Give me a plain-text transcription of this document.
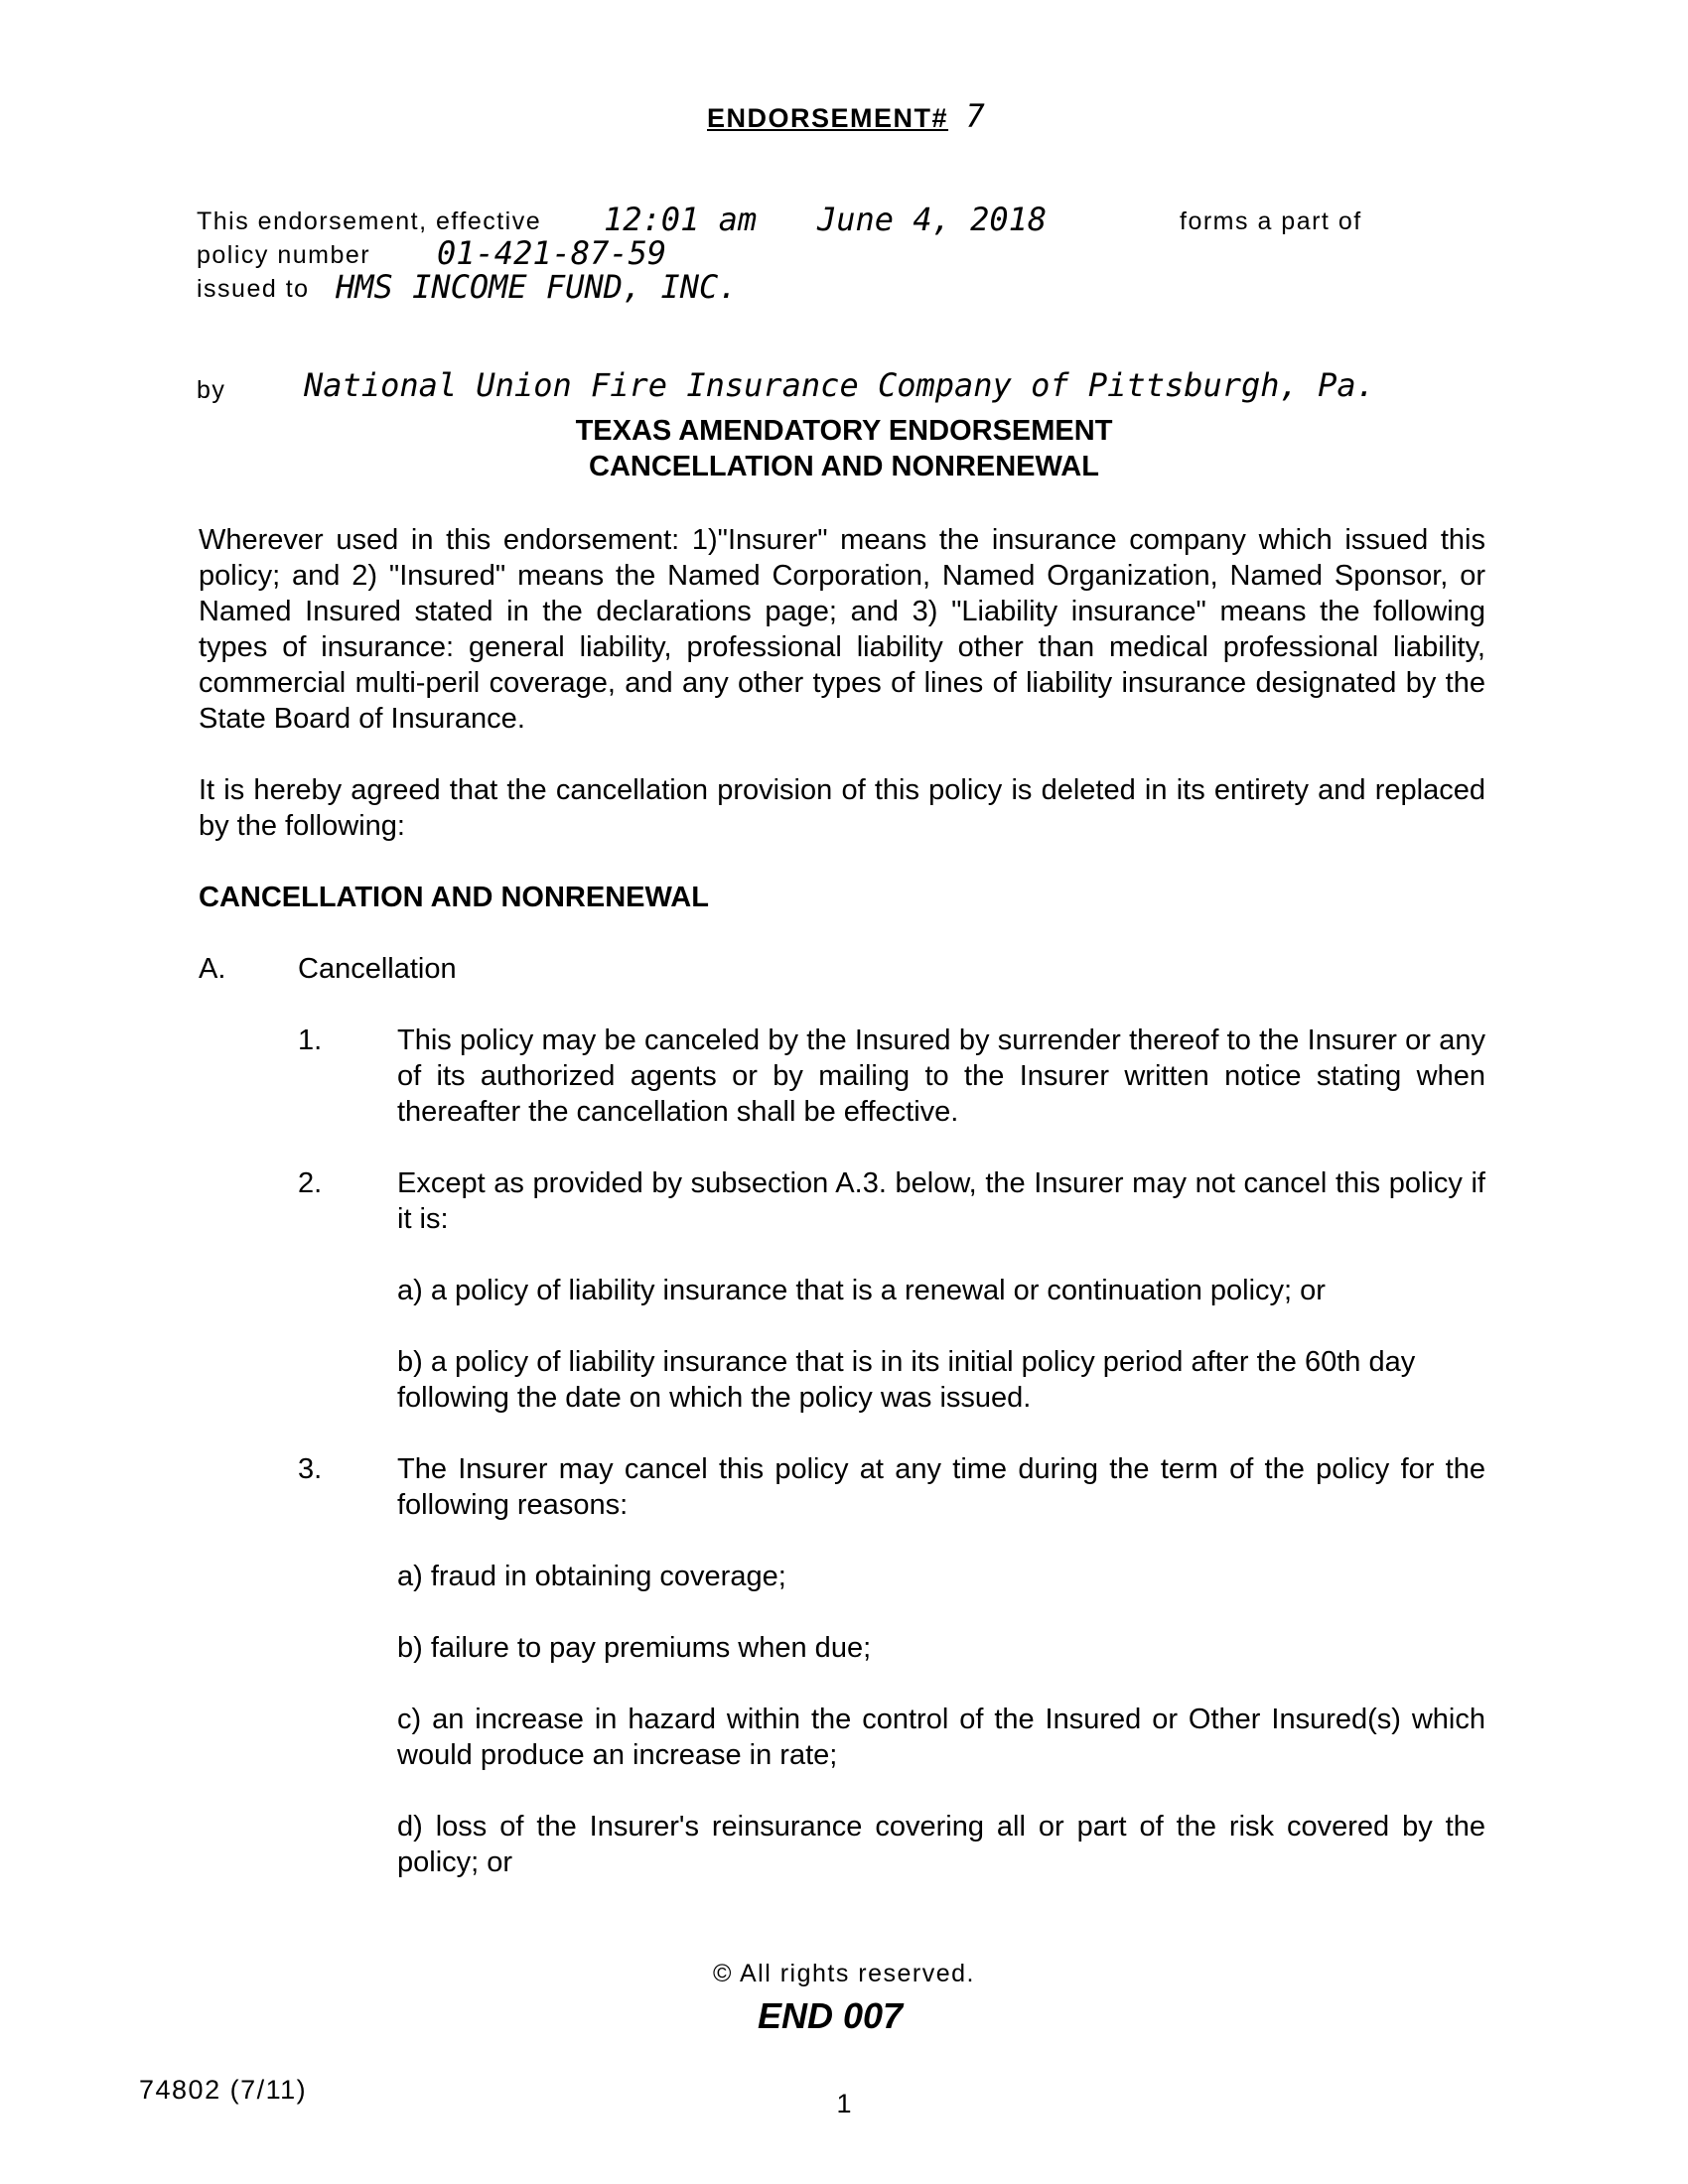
ENDORSEMENT# 7
This endorsement, effective 12:01 am June 4, 2018	forms a part of
policy number 01-421-87-59
issued to HMS INCOME FUND, INC.
by National Union Fire Insurance Company of Pittsburgh, Pa.
TEXAS AMENDATORY ENDORSEMENT
CANCELLATION AND NONRENEWAL
Wherever used in this endorsement: 1)"Insurer" means the insurance company which issued this policy; and 2) "Insured" means the Named Corporation, Named Organization, Named Sponsor, or Named Insured stated in the declarations page; and 3) "Liability insurance" means the following types of insurance: general liability, professional liability other than medical professional liability, commercial multi-peril coverage, and any other types of lines of liability insurance designated by the State Board of Insurance.
It is hereby agreed that the cancellation provision of this policy is deleted in its entirety and replaced by the following:
CANCELLATION AND NONRENEWAL
A.	Cancellation
1.	This policy may be canceled by the Insured by surrender thereof to the Insurer or any of its authorized agents or by mailing to the Insurer written notice stating when thereafter the cancellation shall be effective.
2.	Except as provided by subsection A.3. below, the Insurer may not cancel this policy if it is:
a) a policy of liability insurance that is a renewal or continuation policy; or
b) a policy of liability insurance that is in its initial policy period after the 60th day following the date on which the policy was issued.
3.	The Insurer may cancel this policy at any time during the term of the policy for the following reasons:
a) fraud in obtaining coverage;
b) failure to pay premiums when due;
c) an increase in hazard within the control of the Insured or Other Insured(s) which would produce an increase in rate;
d) loss of the Insurer's reinsurance covering all or part of the risk covered by the policy; or
© All rights reserved.
END 007
74802 (7/11)	1
